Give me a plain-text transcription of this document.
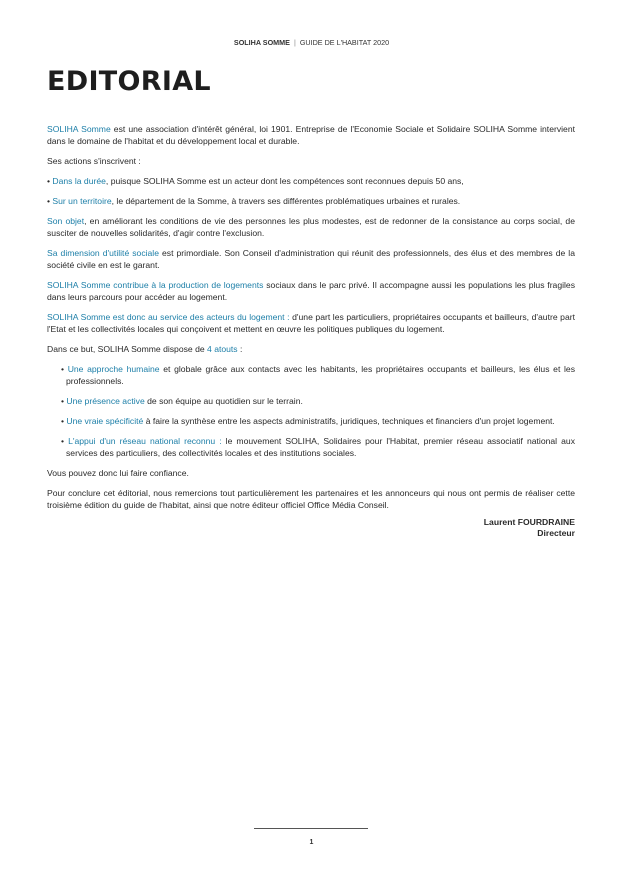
SOLIHA SOMME | GUIDE DE L'HABITAT 2020
EDITORIAL

SOLIHA Somme est une association d'intérêt général, loi 1901. Entreprise de l'Economie Sociale et Solidaire SOLIHA Somme intervient dans le domaine de l'habitat et du développement local et durable.

Ses actions s'inscrivent :

• Dans la durée, puisque SOLIHA Somme est un acteur dont les compétences sont reconnues depuis 50 ans,
• Sur un territoire, le département de la Somme, à travers ses différentes problématiques urbaines et rurales.

Son objet, en améliorant les conditions de vie des personnes les plus modestes, est de redonner de la consistance au corps social, de susciter de nouvelles solidarités, d'agir contre l'exclusion.

Sa dimension d'utilité sociale est primordiale. Son Conseil d'administration qui réunit des professionnels, des élus et des membres de la société civile en est le garant.

SOLIHA Somme contribue à la production de logements sociaux dans le parc privé. Il accompagne aussi les populations les plus fragiles dans leurs parcours pour accéder au logement.

SOLIHA Somme est donc au service des acteurs du logement : d'une part les particuliers, propriétaires occupants et bailleurs, d'autre part l'Etat et les collectivités locales qui conçoivent et mettent en œuvre les politiques publiques du logement.

Dans ce but, SOLIHA Somme dispose de 4 atouts :

• Une approche humaine et globale grâce aux contacts avec les habitants, les propriétaires occupants et bailleurs, les élus et les professionnels.
• Une présence active de son équipe au quotidien sur le terrain.
• Une vraie spécificité à faire la synthèse entre les aspects administratifs, juridiques, techniques et financiers d'un projet logement.
• L'appui d'un réseau national reconnu : le mouvement SOLIHA, Solidaires pour l'Habitat, premier réseau associatif national aux services des particuliers, des collectivités locales et des institutions sociales.

Vous pouvez donc lui faire confiance.

Pour conclure cet éditorial, nous remercions tout particulièrement les partenaires et les annonceurs qui nous ont permis de réaliser cette troisième édition du guide de l'habitat, ainsi que notre éditeur officiel Office Média Conseil.

Laurent FOURDRAINE
Directeur
1
